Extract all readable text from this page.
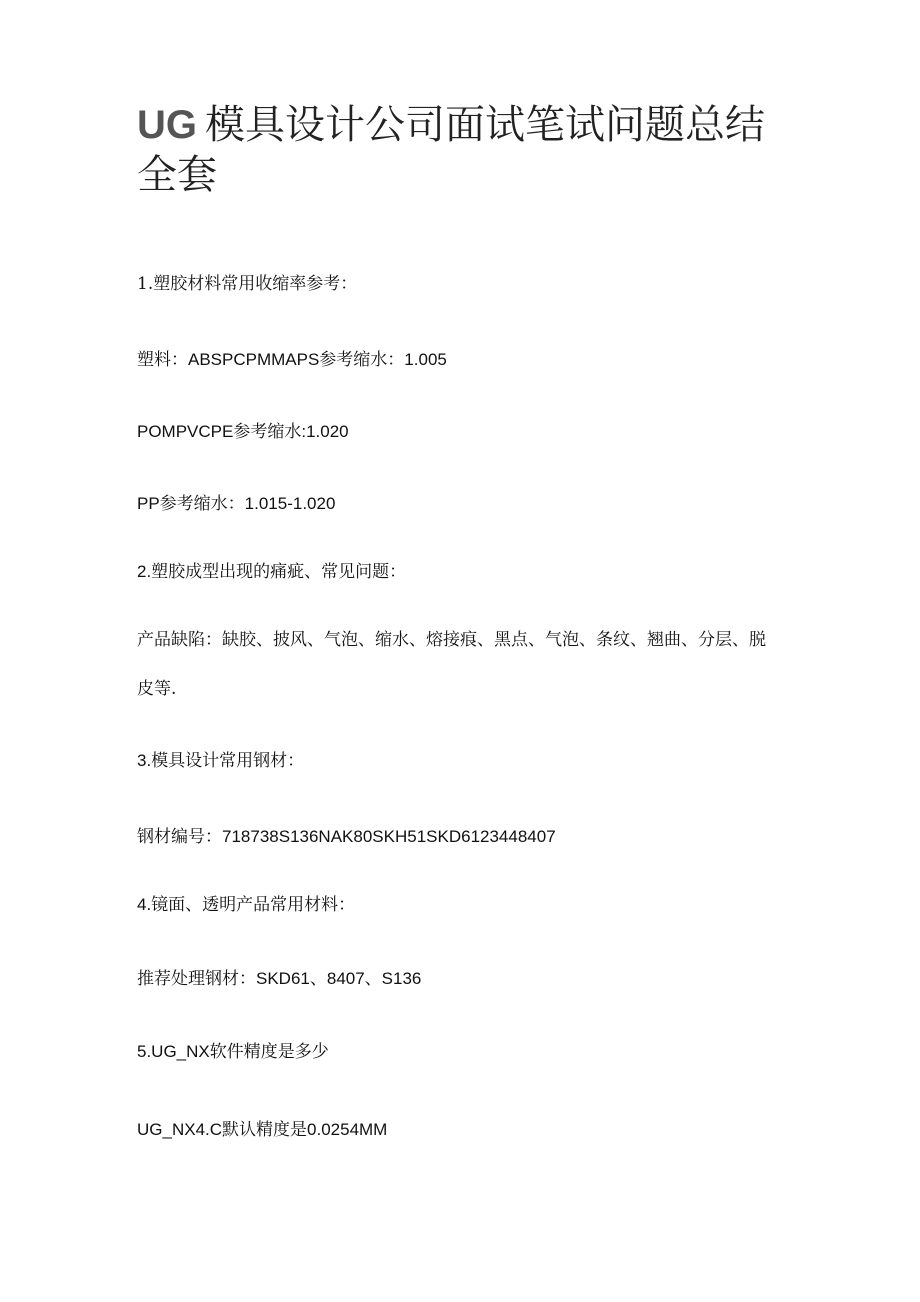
UG 模具设计公司面试笔试问题总结全套

1.塑胶材料常用收缩率参考：

塑料：ABSPCPMMAPS参考缩水：1.005

POMPVCPE参考缩水:1.020

PP参考缩水：1.015-1.020

2.塑胶成型出现的痛疵、常见问题：

产品缺陷：缺胶、披风、气泡、缩水、熔接痕、黑点、气泡、条纹、翘曲、分层、脱皮等.

3.模具设计常用钢材：

钢材编号：718738S136NAK80SKH51SKD6123448407

4.镜面、透明产品常用材料：

推荐处理钢材：SKD61、8407、S136

5.UG_NX软件精度是多少

UG_NX4.C默认精度是0.0254MM
